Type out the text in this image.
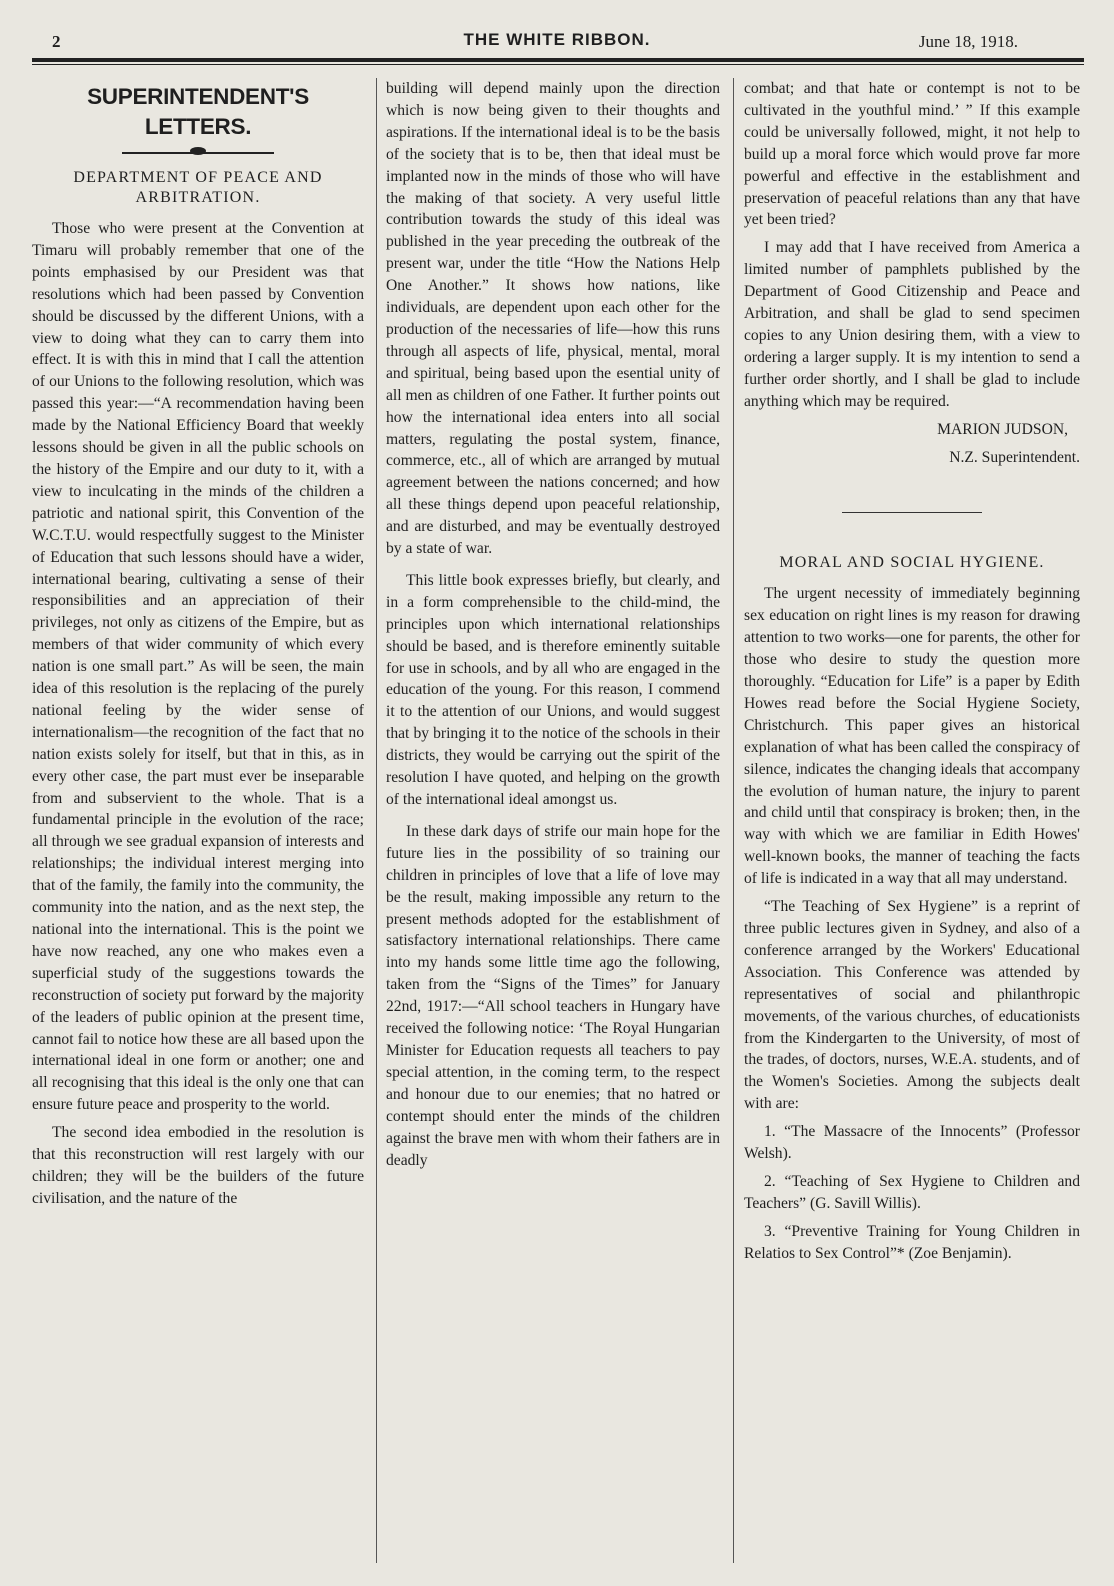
2	THE WHITE RIBBON.	June 18, 1918.
SUPERINTENDENT'S LETTERS.
DEPARTMENT OF PEACE AND ARBITRATION.

Those who were present at the Convention at Timaru will probably remember that one of the points emphasised by our President was that resolutions which had been passed by Convention should be discussed by the different Unions, with a view to doing what they can to carry them into effect. It is with this in mind that I call the attention of our Unions to the following resolution, which was passed this year:—“A recommendation having been made by the National Efficiency Board that weekly lessons should be given in all the public schools on the history of the Empire and our duty to it, with a view to inculcating in the minds of the children a patriotic and national spirit, this Convention of the W.C.T.U. would respectfully suggest to the Minister of Education that such lessons should have a wider, international bearing, cultivating a sense of their responsibilities and an appreciation of their privileges, not only as citizens of the Empire, but as members of that wider community of which every nation is one small part.” As will be seen, the main idea of this resolution is the replacing of the purely national feeling by the wider sense of internationalism—the recognition of the fact that no nation exists solely for itself, but that in this, as in every other case, the part must ever be inseparable from and subservient to the whole. That is a fundamental principle in the evolution of the race; all through we see gradual expansion of interests and relationships; the individual interest merging into that of the family, the family into the community, the community into the nation, and as the next step, the national into the international. This is the point we have now reached, any one who makes even a superficial study of the suggestions towards the reconstruction of society put forward by the majority of the leaders of public opinion at the present time, cannot fail to notice how these are all based upon the international ideal in one form or another; one and all recognising that this ideal is the only one that can ensure future peace and prosperity to the world.

The second idea embodied in the resolution is that this reconstruction will rest largely with our children; they will be the builders of the future civilisation, and the nature of the

building will depend mainly upon the direction which is now being given to their thoughts and aspirations. If the international ideal is to be the basis of the society that is to be, then that ideal must be implanted now in the minds of those who will have the making of that society. A very useful little contribution towards the study of this ideal was published in the year preceding the outbreak of the present war, under the title “How the Nations Help One Another.” It shows how nations, like individuals, are dependent upon each other for the production of the necessaries of life—how this runs through all aspects of life, physical, mental, moral and spiritual, being based upon the esential unity of all men as children of one Father. It further points out how the international idea enters into all social matters, regulating the postal system, finance, commerce, etc., all of which are arranged by mutual agreement between the nations concerned; and how all these things depend upon peaceful relationship, and are disturbed, and may be eventually destroyed by a state of war.

This little book expresses briefly, but clearly, and in a form comprehensible to the child-mind, the principles upon which international relationships should be based, and is therefore eminently suitable for use in schools, and by all who are engaged in the education of the young. For this reason, I commend it to the attention of our Unions, and would suggest that by bringing it to the notice of the schools in their districts, they would be carrying out the spirit of the resolution I have quoted, and helping on the growth of the international ideal amongst us.

In these dark days of strife our main hope for the future lies in the possibility of so training our children in principles of love that a life of love may be the result, making impossible any return to the present methods adopted for the establishment of satisfactory international relationships. There came into my hands some little time ago the following, taken from the “Signs of the Times” for January 22nd, 1917:—“All school teachers in Hungary have received the following notice: ‘The Royal Hungarian Minister for Education requests all teachers to pay special attention, in the coming term, to the respect and honour due to our enemies; that no hatred or contempt should enter the minds of the children against the brave men with whom their fathers are in deadly

combat; and that hate or contempt is not to be cultivated in the youthful mind.’ ” If this example could be universally followed, might, it not help to build up a moral force which would prove far more powerful and effective in the establishment and preservation of peaceful relations than any that have yet been tried?

I may add that I have received from America a limited number of pamphlets published by the Department of Good Citizenship and Peace and Arbitration, and shall be glad to send specimen copies to any Union desiring them, with a view to ordering a larger supply. It is my intention to send a further order shortly, and I shall be glad to include anything which may be required.

MARION JUDSON,

N.Z. Superintendent.

MORAL AND SOCIAL HYGIENE.

The urgent necessity of immediately beginning sex education on right lines is my reason for drawing attention to two works—one for parents, the other for those who desire to study the question more thoroughly. “Education for Life” is a paper by Edith Howes read before the Social Hygiene Society, Christchurch. This paper gives an historical explanation of what has been called the conspiracy of silence, indicates the changing ideals that accompany the evolution of human nature, the injury to parent and child until that conspiracy is broken; then, in the way with which we are familiar in Edith Howes' well-known books, the manner of teaching the facts of life is indicated in a way that all may understand.

“The Teaching of Sex Hygiene” is a reprint of three public lectures given in Sydney, and also of a conference arranged by the Workers' Educational Association. This Conference was attended by representatives of social and philanthropic movements, of the various churches, of educationists from the Kindergarten to the University, of most of the trades, of doctors, nurses, W.E.A. students, and of the Women's Societies. Among the subjects dealt with are:

1. “The Massacre of the Innocents” (Professor Welsh).

2. “Teaching of Sex Hygiene to Children and Teachers” (G. Savill Willis).

3. “Preventive Training for Young Children in Relatios to Sex Control”* (Zoe Benjamin).
